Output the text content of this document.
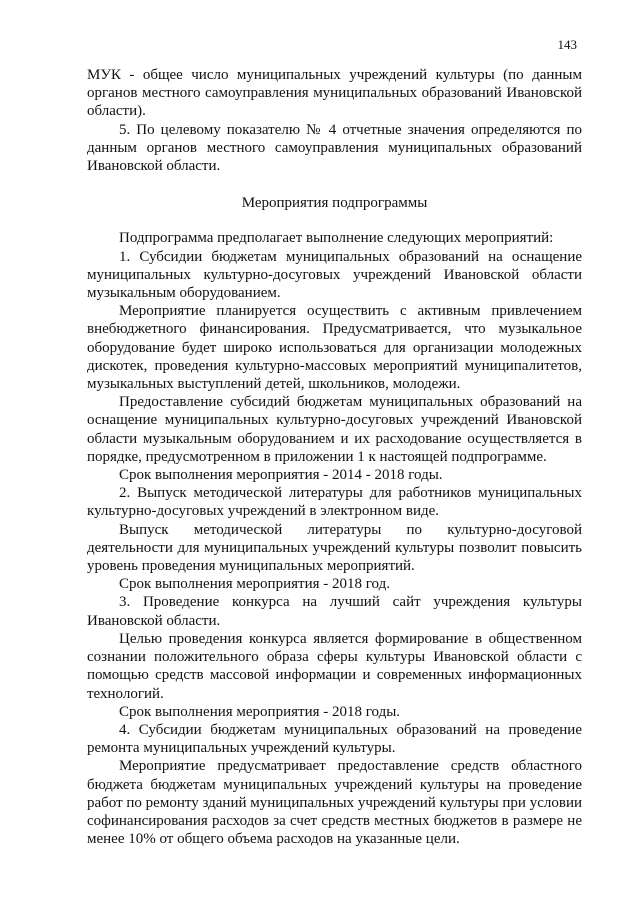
143

МУК - общее число муниципальных учреждений культуры (по данным органов местного самоуправления муниципальных образований Ивановской области).

5. По целевому показателю № 4 отчетные значения определяются по данным органов местного самоуправления муниципальных образований Ивановской области.

Мероприятия подпрограммы

Подпрограмма предполагает выполнение следующих мероприятий:

1. Субсидии бюджетам муниципальных образований на оснащение муниципальных культурно-досуговых учреждений Ивановской области музыкальным оборудованием.

Мероприятие планируется осуществить с активным привлечением внебюджетного финансирования. Предусматривается, что музыкальное оборудование будет широко использоваться для организации молодежных дискотек, проведения культурно-массовых мероприятий муниципалитетов, музыкальных выступлений детей, школьников, молодежи.

Предоставление субсидий бюджетам муниципальных образований на оснащение муниципальных культурно-досуговых учреждений Ивановской области музыкальным оборудованием и их расходование осуществляется в порядке, предусмотренном в приложении 1 к настоящей подпрограмме.

Срок выполнения мероприятия - 2014 - 2018 годы.

2. Выпуск методической литературы для работников муниципальных культурно-досуговых учреждений в электронном виде.

Выпуск методической литературы по культурно-досуговой деятельности для муниципальных учреждений культуры позволит повысить уровень проведения муниципальных мероприятий.

Срок выполнения мероприятия - 2018 год.

3. Проведение конкурса на лучший сайт учреждения культуры Ивановской области.

Целью проведения конкурса является формирование в общественном сознании положительного образа сферы культуры Ивановской области с помощью средств массовой информации и современных информационных технологий.

Срок выполнения мероприятия - 2018 годы.

4. Субсидии бюджетам муниципальных образований на проведение ремонта муниципальных учреждений культуры.

Мероприятие предусматривает предоставление средств областного бюджета бюджетам муниципальных учреждений культуры на проведение работ по ремонту зданий муниципальных учреждений культуры при условии софинансирования расходов за счет средств местных бюджетов в размере не менее 10% от общего объема расходов на указанные цели.
